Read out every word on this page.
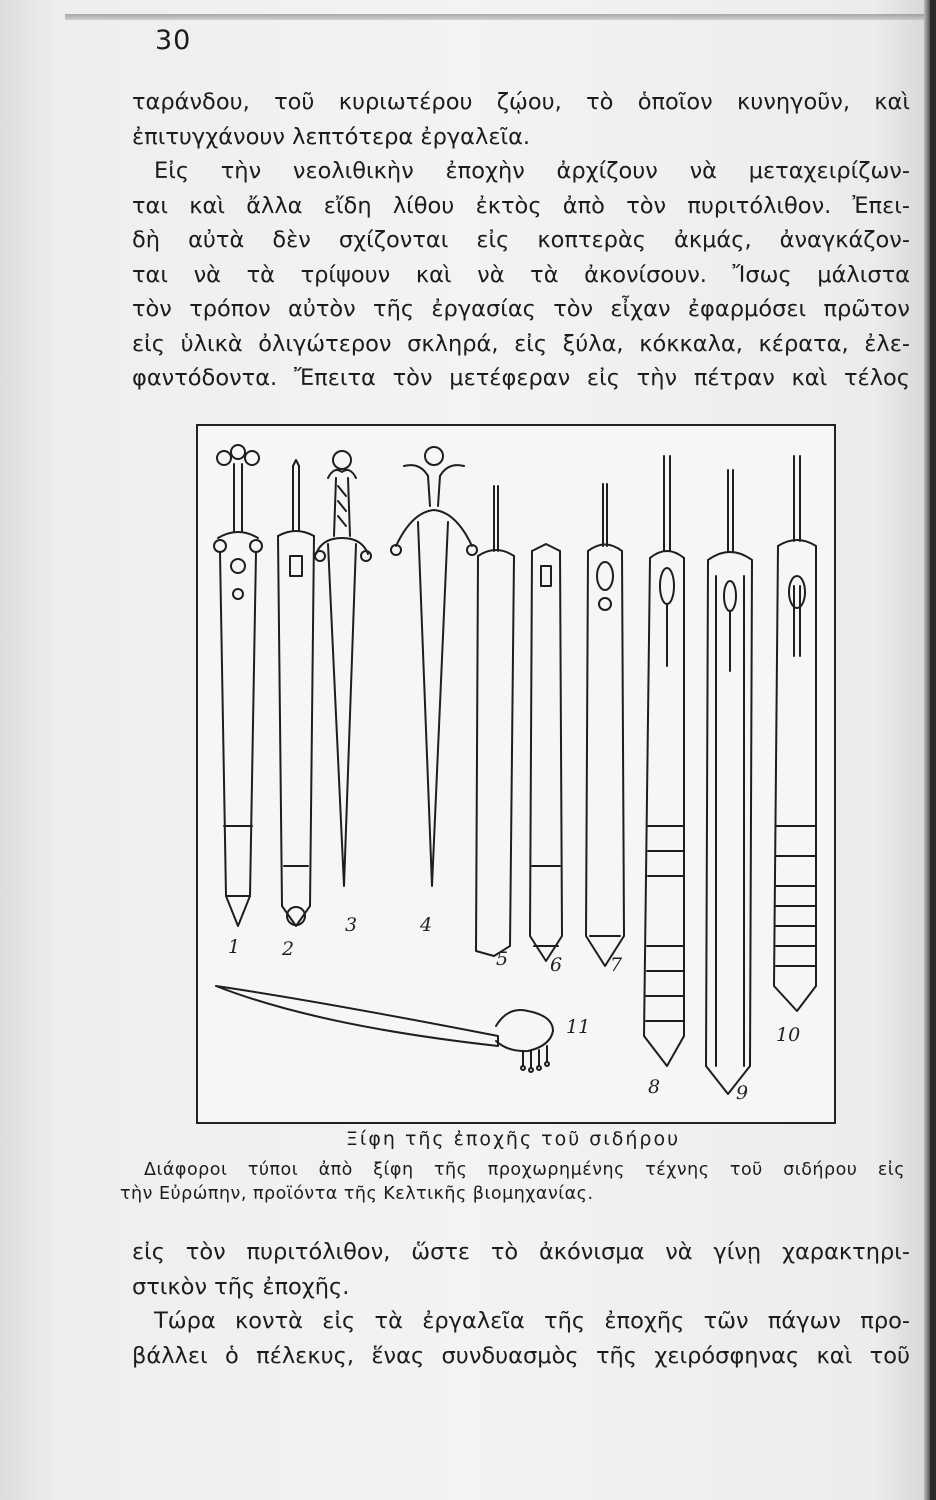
30
ταράνδου, τοῦ κυριωτέρου ζῴου, τὸ ὁποῖον κυνηγοῦν, καὶ
ἐπιτυγχάνουν λεπτότερα ἐργαλεῖα.
Εἰς τὴν νεολιθικὴν ἐποχὴν ἀρχίζουν νὰ μεταχειρίζων-
ται καὶ ἄλλα εἴδη λίθου ἐκτὸς ἀπὸ τὸν πυριτόλιθον. Ἐπει-
δὴ αὐτὰ δὲν σχίζονται εἰς κοπτερὰς ἀκμάς, ἀναγκάζον-
ται νὰ τὰ τρίψουν καὶ νὰ τὰ ἀκονίσουν. Ἴσως μάλιστα
τὸν τρόπον αὐτὸν τῆς ἐργασίας τὸν εἶχαν ἐφαρμόσει πρῶτον
εἰς ὑλικὰ ὀλιγώτερον σκληρά, εἰς ξύλα, κόκκαλα, κέρατα, ἐλε-
φαντόδοντα. Ἔπειτα τὸν μετέφεραν εἰς τὴν πέτραν καὶ τέλος
1 2
3	4
5 6	7
8	9
10
11
Ξίφη τῆς ἐποχῆς τοῦ σιδήρου
Διάφοροι τύποι ἀπὸ ξίφη τῆς προχωρημένης τέχνης τοῦ σιδήρου εἰς
τὴν Εὐρώπην, προϊόντα τῆς Κελτικῆς βιομηχανίας.
εἰς τὸν πυριτόλιθον, ὥστε τὸ ἀκόνισμα νὰ γίνῃ χαρακτηρι-
στικὸν τῆς ἐποχῆς.
Τώρα κοντὰ εἰς τὰ ἐργαλεῖα τῆς ἐποχῆς τῶν πάγων προ-
βάλλει ὁ πέλεκυς, ἕνας συνδυασμὸς τῆς χειρόσφηνας καὶ τοῦ
